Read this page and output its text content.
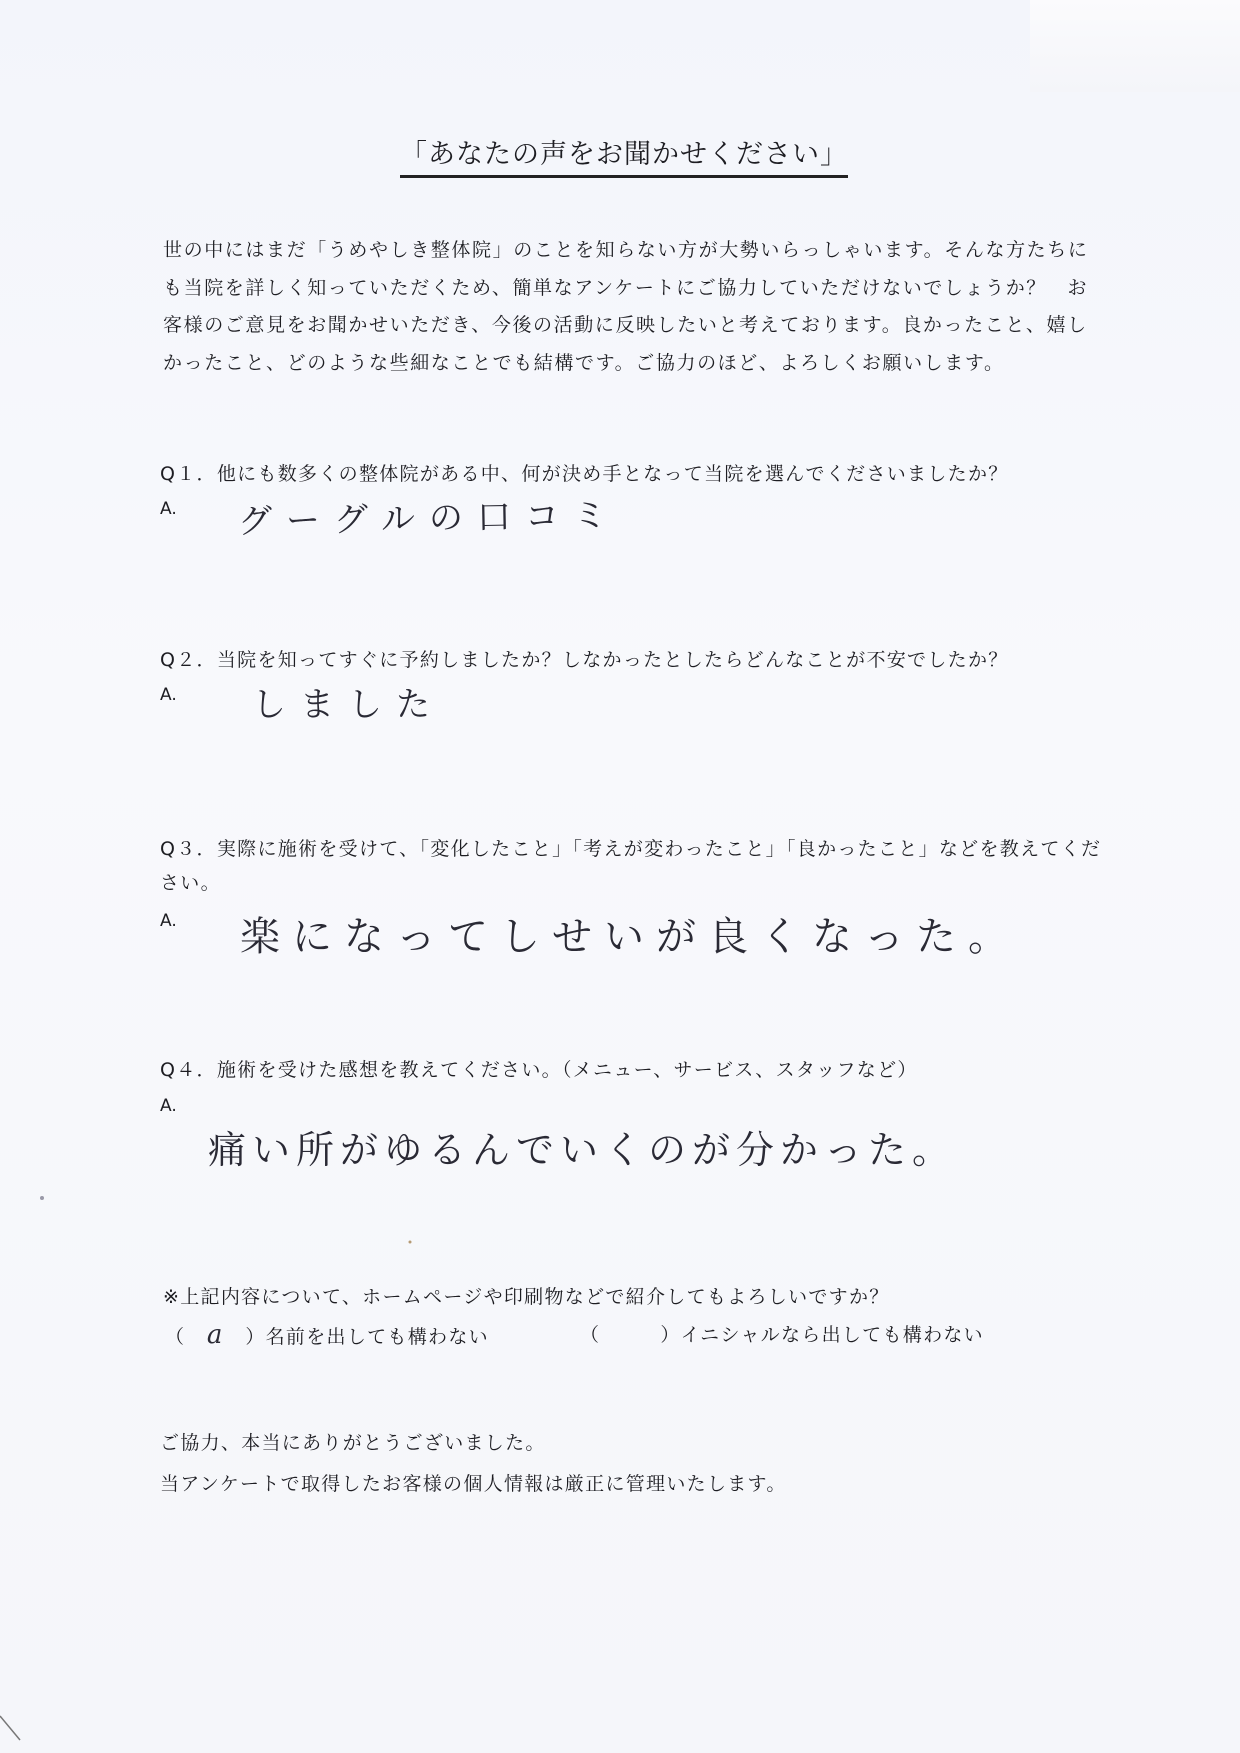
「あなたの声をお聞かせください」

世の中にはまだ「うめやしき整体院」のことを知らない方が大勢いらっしゃいます。そんな方たちにも当院を詳しく知っていただくため、簡単なアンケートにご協力していただけないでしょうか？　お客様のご意見をお聞かせいただき、今後の活動に反映したいと考えております。良かったこと、嬉しかったこと、どのような些細なことでも結構です。ご協力のほど、よろしくお願いします。

Q１．他にも数多くの整体院がある中、何が決め手となって当院を選んでくださいましたか？
A. グーグルの口コミ
Q２．当院を知ってすぐに予約しましたか？しなかったとしたらどんなことが不安でしたか？
A. しました
Q３．実際に施術を受けて、「変化したこと」「考えが変わったこと」「良かったこと」などを教えてください。
A. 楽になってしせいが良くなった。
Q４．施術を受けた感想を教えてください。（メニュー、サービス、スタッフなど）
A.
痛い所がゆるんでいくのが分かった。
※上記内容について、ホームページや印刷物などで紹介してもよろしいですか？
（ a ）名前を出しても構わない	（	）イニシャルなら出しても構わない
ご協力、本当にありがとうございました。
当アンケートで取得したお客様の個人情報は厳正に管理いたします。
